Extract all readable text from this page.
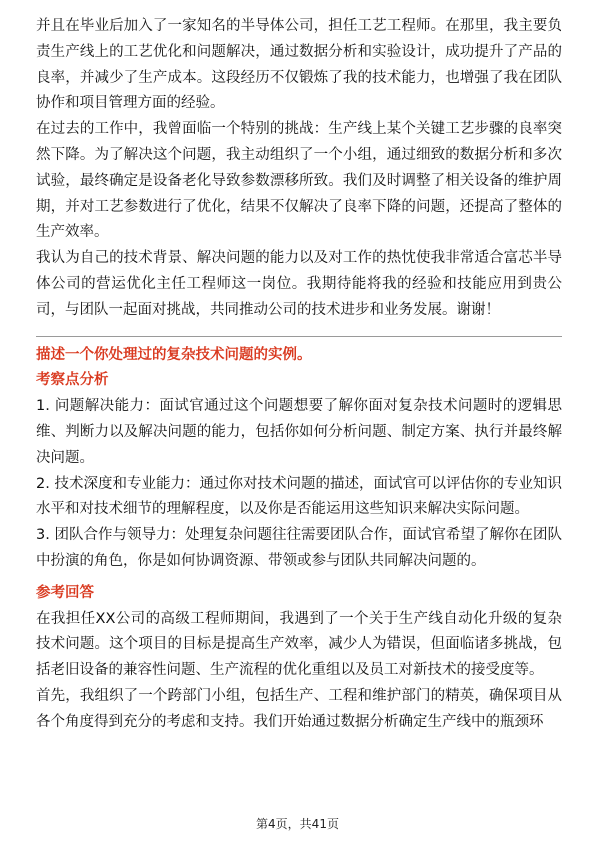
并且在毕业后加入了一家知名的半导体公司，担任工艺工程师。在那里，我主要负责生产线上的工艺优化和问题解决，通过数据分析和实验设计，成功提升了产品的良率，并减少了生产成本。这段经历不仅锻炼了我的技术能力，也增强了我在团队协作和项目管理方面的经验。

在过去的工作中，我曾面临一个特别的挑战：生产线上某个关键工艺步骤的良率突然下降。为了解决这个问题，我主动组织了一个小组，通过细致的数据分析和多次试验，最终确定是设备老化导致参数漂移所致。我们及时调整了相关设备的维护周期，并对工艺参数进行了优化，结果不仅解决了良率下降的问题，还提高了整体的生产效率。

我认为自己的技术背景、解决问题的能力以及对工作的热忱使我非常适合富芯半导体公司的营运优化主任工程师这一岗位。我期待能将我的经验和技能应用到贵公司，与团队一起面对挑战，共同推动公司的技术进步和业务发展。谢谢！

描述一个你处理过的复杂技术问题的实例。

考察点分析

1. 问题解决能力：面试官通过这个问题想要了解你面对复杂技术问题时的逻辑思维、判断力以及解决问题的能力，包括你如何分析问题、制定方案、执行并最终解决问题。

2. 技术深度和专业能力：通过你对技术问题的描述，面试官可以评估你的专业知识水平和对技术细节的理解程度，以及你是否能运用这些知识来解决实际问题。

3. 团队合作与领导力：处理复杂问题往往需要团队合作，面试官希望了解你在团队中扮演的角色，你是如何协调资源、带领或参与团队共同解决问题的。

参考回答

在我担任XX公司的高级工程师期间，我遇到了一个关于生产线自动化升级的复杂技术问题。这个项目的目标是提高生产效率，减少人为错误，但面临诸多挑战，包括老旧设备的兼容性问题、生产流程的优化重组以及员工对新技术的接受度等。

首先，我组织了一个跨部门小组，包括生产、工程和维护部门的精英，确保项目从各个角度得到充分的考虑和支持。我们开始通过数据分析确定生产线中的瓶颈环

第4页，共41页
